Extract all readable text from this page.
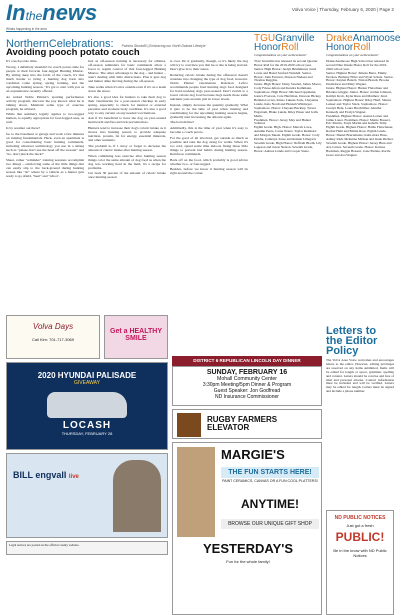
Inthenews
Whats happening in the area
Volva Voice | Thursday, February 6, 2020 | Page 2
NorthernCelebrations: Patricia Stockdill | Embracing our North Dakota Lifestyle
Avoiding pooch potato couch

It's couch potato time.

Wrong. I definitely shouldn't be couch potato time for people or their favorite four-legged Hunting Mustac. By sitting deep into the folds of the couch, it's that much harder to bring a hunting dog back into condition come spring, spring training, and the upcoming hunting season. "It's got to start with you as an acquaintance recently offered.

As retired Noble Painter's spotting performance activity program, discover the pay known what he is talking about. Maintain some type of exercise program, he advised.

While that seminary legally applies to two-legged hunters, is equally appropriate for four-legged ones, as well.

Is by weather out there?

Go to the basement or garage and work a few minutes on training fundamentals. Heck, even an apartment is good for consolidating basic hunting commands, including whatever terminology you use in a sitting such as "please don't use the head off the sweater" and "no, don't pluck the duck!"

Sheet, rather "reminder" training sessions accomplish two things – reinforcing some of the little things that can easily slip to the back-ground during hunting season like "sit" where by a vehicle as a hunter gets ready to go afield, "heel" and "whoa".

Just as off-season training is necessary for athletes, off-season reminders for basic commands allow a boost to regain control of that four-legged Hunting Mustac. The other advantage is the dog – and hunter – aren't dealing with little distractions. Plus it gets dog and hunter alike moving during the off-season.

Take walks when it's nice outside even if it's on a leash down the street.

It's also a good idea for hunters to take their dog to their veterinarian for a post-season checkup in early spring, especially to check for internal or external parasites and evaluate body condition. It's also a good way to stay current on any needed vaccinations.

Ask if it's beneficial to have the dog on year-around heartworm and flea and tick preventatives.

Hunters tend to increase their dog's caloric intake as it moves into hunting season to provide adequate nutrition, protein, fat for energy, essential minerals, and other nutrients.

The problem is, if I cutoy or forget to decrease the amount of caloric intake after hunting season.

When combining less exercise after hunting season things color the same amount of dog food as when the dog was working hard in the field, it's a recipe for problems.

Cut back 30 percent of the amount of caloric intake once hunting season

is over. Do it gradually, though, or it's likely the dog will try to convince you that he or she is being starved. Don't give in to their stares.

Reducing caloric intake during the offseason doesn't translate into changing the type of dog food, however. Noble Painter veterinarian Rafelson Leftco recommends people feed hunting dogs food designed for hard-working dogs year-around. Don't switch to a lower calorie dog food because dogs needs those same nutrients year-around, just in lower levels.

Instead, simply decrease the quantity gradually. What it gets to be the time of year when training and conditioning for the upcoming hunting season begins, gradually start increasing the amount again.

The bottom line?

Admittedly, this is the time of year when it's easy to become a couch potato.

For the good of all involved, get outside as much as possible and take the dog along for walks. When it's too cold, spend some time indoors fixing those little things to prevent bad habits during hunting season. Reinforce commands.

Back off on the food, which probably is good advice whether two- or four-legged.

Besides, before we know it hunting season will be right around the corner.

TGUGranville
HonorRoll
Congratulations on your achievement!

TGU Granville has released its second Quarter Honor Roll for the 2019-2020 school year.

Senior. High Honor: Jaelyn Brummund, Jared Lewis and Hazel Sanford Wendell. Senior. Honor: John Everson, Dawson Nielsen and Thomas Reggins.

Junior. High Honor: Daisy Stoebel, James Moore, Cody Friese-Isfran and Kendra Kathmann. Sophomore. High Honor: Michael Lippmann, Jessica Everson, Cole Harriman, Dawson Hickey, Belinda Lovres, Kinzo Lukens Sack, Cheyanna Lunde, Kala Nordi and Hannah Wittmeyer. Sophomore. Honor: Cheyans Buckley, Trever Engstrom, Blake Lunde, Riley Pisser and Jevik Mella.

Freshmen, Honor: Jersey May and Hunter Sollund.

Eighth Grade. High. Honor: Marrah Lowe, Autumn Peers, Carter Peters, Taylor Reinhard and Morgan Takala. Eighth Grade. Honor: Cody Doblie, Cameryn Jones and Roman Lillegard.

Seventh Grade, High Honor: Neffrath Blodh, Lily Lageson and Jaxon Nelson. Seventh Grade, Honor: Aubree Lunde and Cooper Stenz.

DrakeAnamoose
HonorRoll
Congratulations on your achievement!

Drake/Anamoose High School has released its second Nine Weeks Honor Roll for the 2019-2020 school year.

Senior. Highest Honor: Jimena Barta, Emmy Docken, Bethany Filler and Wyatt Schatz. Senior. Honor: Kaylen Baisch, Tristan Brandt, Brooke Dachtdorst and Riley Wagner.

Junior. Highest Honor: Hunter Fleischaur and Brianna Griggle. Junior. Honor: Jordan Johnson, Kaitlyn Krob, Kyler Russ and Matthew Jand.

Sophomore. Highest Honor: Riley Hanf, Shawn Lenner and Taylor Slack. Sophomore. Honor: Jacelyn Bent, Laura Brechtliber, Jennifer Kennedy and Evelyn Wagner.

Freshmen. Highest Honor: Austen Lerner and Jamie Loner. Freshmen. Honor: Mattie Bossert, Eric Martin, Taryn Martin and Isabella Tully.

Eighth Grade. Highest Honor: Hallie Fleischauer, Rachel Hehl and Emma Ross. Eighth Grade. Honor: Daniel Brucamente, Kaiti-mara Haas, Ashley Irish, Mckenna Mickan and Izaak Richter.

Seventh Grade. Highest Honor: Jersey Huss and Ava Cartez. Seventh Grade. Honor: Karissa Backman, Reggie Bossert, Josie Elenna, Rocile Greer and Ava Wagner.

Volva Days
Call Kim: 701-717-3069
Get a HEALTHY SMILE
2020 HYUNDAI PALISADE
GIVEAWAY
LOCASH
THURSDAY, FEBRUARY 28
BILL engvall live
Legal notices are posted on the official county website.
DISTRICT 6 REPUBLICAN LINCOLN DAY DINNER
SUNDAY, FEBRUARY 16
Mohall Community Center
3:30pm Meeting/5pm Dinner & Program
Guest Speaker: Jon Godfread
ND Insurance Commissioner
RUGBY FARMERS ELEVATOR
MARGIE'S
THE FUN STARTS HERE!
PAINT CERAMICS, CANVAS OR A FUN COOL PLATTERS!
ANYTIME!
BROWSE OUR UNIQUE GIFT SHOP
YESTERDAY'S
Fun for the whole family!
Letters to the Editor Policy
The Volva Area Voice welcomes and encourages letters to the editor. However, editing privileges are reserved on any items submitted. Items will be edited for length or space, grammar, spelling and content. Letters should be concise and free of libel and personal attacks. Contact information must be included and will be verified. Letters may be edited for length. Letters must be signed and include a phone number.
ND PUBLIC NOTICES
Just got a fresh
PUBLIC!
Be in the know with ND Public Notices
